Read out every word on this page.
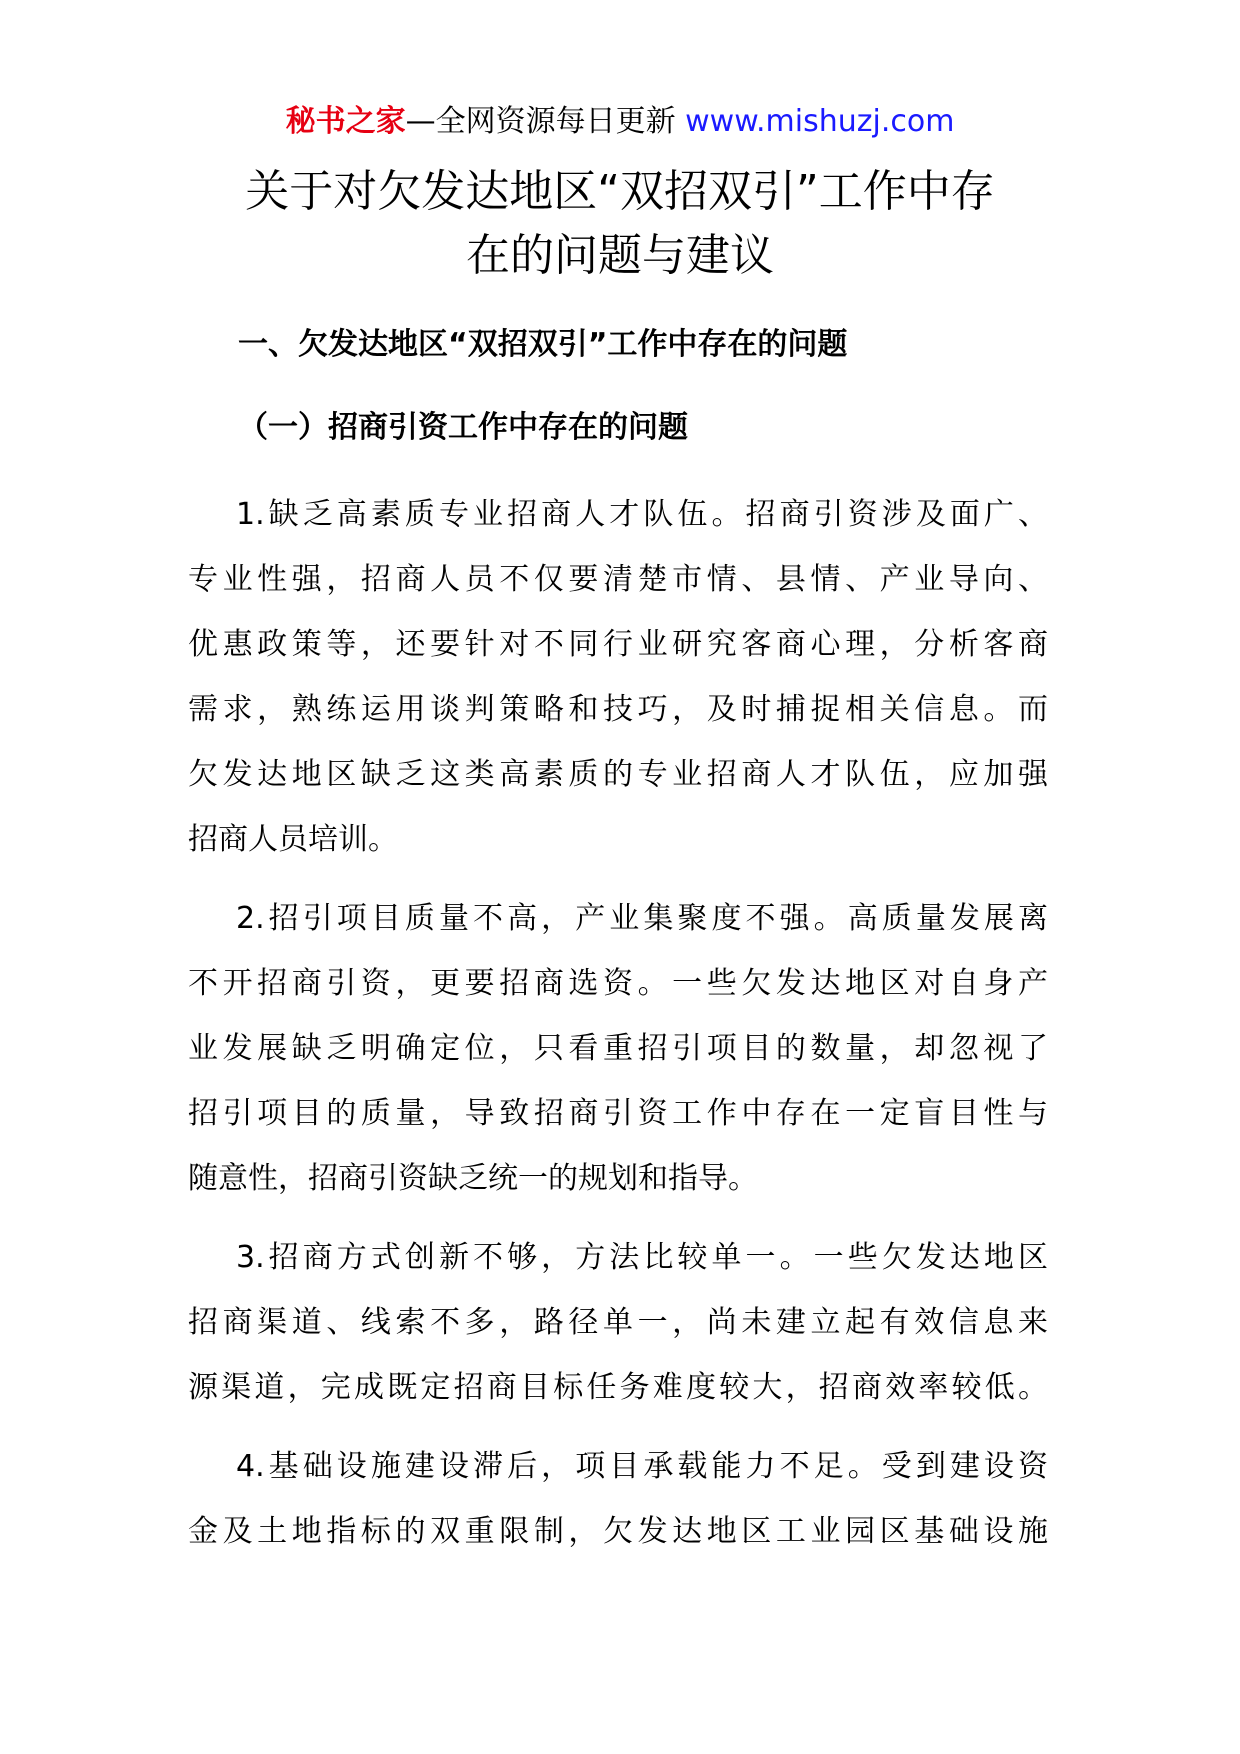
秘书之家—全网资源每日更新 www.mishuzj.com
关于对欠发达地区“双招双引”工作中存
在的问题与建议
一、欠发达地区“双招双引”工作中存在的问题
（一）招商引资工作中存在的问题

1.缺乏高素质专业招商人才队伍。招商引资涉及面广、
专业性强，招商人员不仅要清楚市情、县情、产业导向、
优惠政策等，还要针对不同行业研究客商心理，分析客商
需求，熟练运用谈判策略和技巧，及时捕捉相关信息。而
欠发达地区缺乏这类高素质的专业招商人才队伍，应加强
招商人员培训。

2.招引项目质量不高，产业集聚度不强。高质量发展离
不开招商引资，更要招商选资。一些欠发达地区对自身产
业发展缺乏明确定位，只看重招引项目的数量，却忽视了
招引项目的质量，导致招商引资工作中存在一定盲目性与
随意性，招商引资缺乏统一的规划和指导。

3.招商方式创新不够，方法比较单一。一些欠发达地区
招商渠道、线索不多，路径单一，尚未建立起有效信息来
源渠道，完成既定招商目标任务难度较大，招商效率较低。

4.基础设施建设滞后，项目承载能力不足。受到建设资
金及土地指标的双重限制，欠发达地区工业园区基础设施
